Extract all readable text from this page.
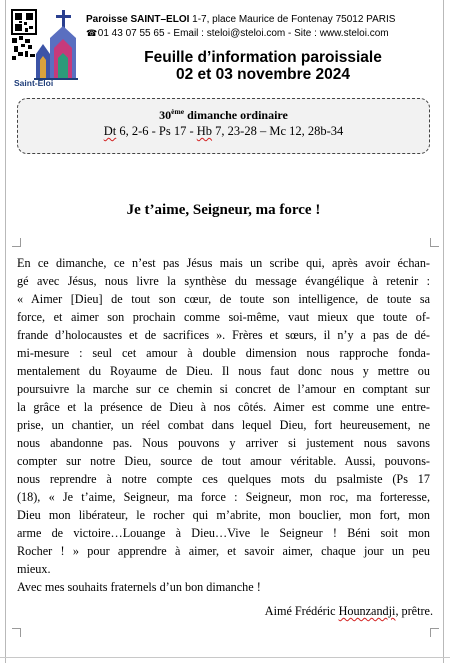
Saint-Eloi
Paroisse SAINT–ELOI 1-7, place Maurice de Fontenay 75012 PARIS
☎ 01 43 07 55 65 - Email : steloi@steloi.com - Site : www.steloi.com
Feuille d’information paroissiale
02 et 03 novembre 2024
30ème dimanche ordinaire
Dt 6, 2-6 - Ps 17 - Hb 7, 23-28 – Mc 12, 28b-34
Je t’aime, Seigneur, ma force !
En ce dimanche, ce n’est pas Jésus mais un scribe qui, après avoir échan-
gé avec Jésus, nous livre la synthèse du message évangélique à retenir :
« Aimer [Dieu] de tout son cœur, de toute son intelligence, de toute sa
force, et aimer son prochain comme soi-même, vaut mieux que toute of-
frande d’holocaustes et de sacrifices ». Frères et sœurs, il n’y a pas de dé-
mi-mesure : seul cet amour à double dimension nous rapproche fonda-
mentalement du Royaume de Dieu. Il nous faut donc nous y mettre ou
poursuivre la marche sur ce chemin si concret de l’amour en comptant sur
la grâce et la présence de Dieu à nos côtés. Aimer est comme une entre-
prise, un chantier, un réel combat dans lequel Dieu, fort heureusement, ne
nous abandonne pas. Nous pouvons y arriver si justement nous savons
compter sur notre Dieu, source de tout amour véritable. Aussi, pouvons-
nous reprendre à notre compte ces quelques mots du psalmiste (Ps 17
(18), « Je t’aime, Seigneur, ma force : Seigneur, mon roc, ma forteresse,
Dieu mon libérateur, le rocher qui m’abrite, mon bouclier, mon fort, mon
arme de victoire…Louange à Dieu…Vive le Seigneur ! Béni soit mon
Rocher ! » pour apprendre à aimer, et savoir aimer, chaque jour un peu
mieux.
Avec mes souhaits fraternels d’un bon dimanche !
Aimé Frédéric Hounzandji, prêtre.
